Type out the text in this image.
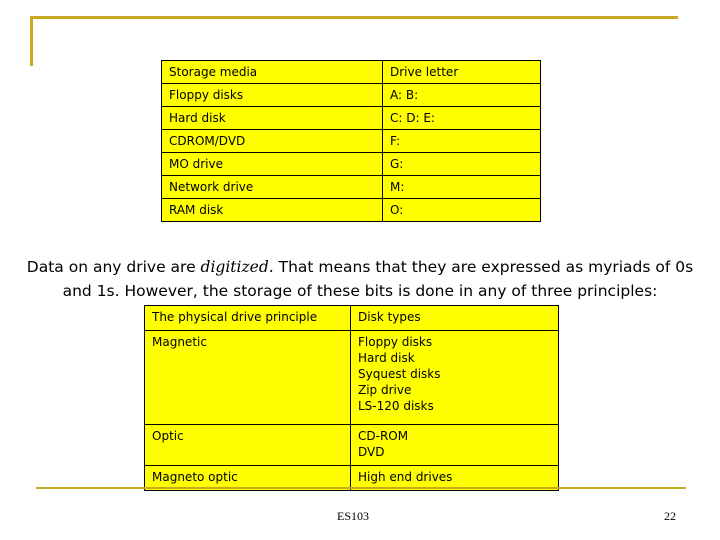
Storage media	Drive letter
Floppy disks	A: B:
Hard disk	C: D: E:
CDROM/DVD	F:
MO drive	G:
Network drive	M:
RAM disk	O:
Data on any drive are digitized. That means that they are expressed as myriads of 0s and 1s. However, the storage of these bits is done in any of three principles:
The physical drive principle	Disk types
Magnetic	Floppy disks
Hard disk
Syquest disks
Zip drive
LS-120 disks

Optic	CD-ROM
DVD

Magneto optic	High end drives
ES103	22
